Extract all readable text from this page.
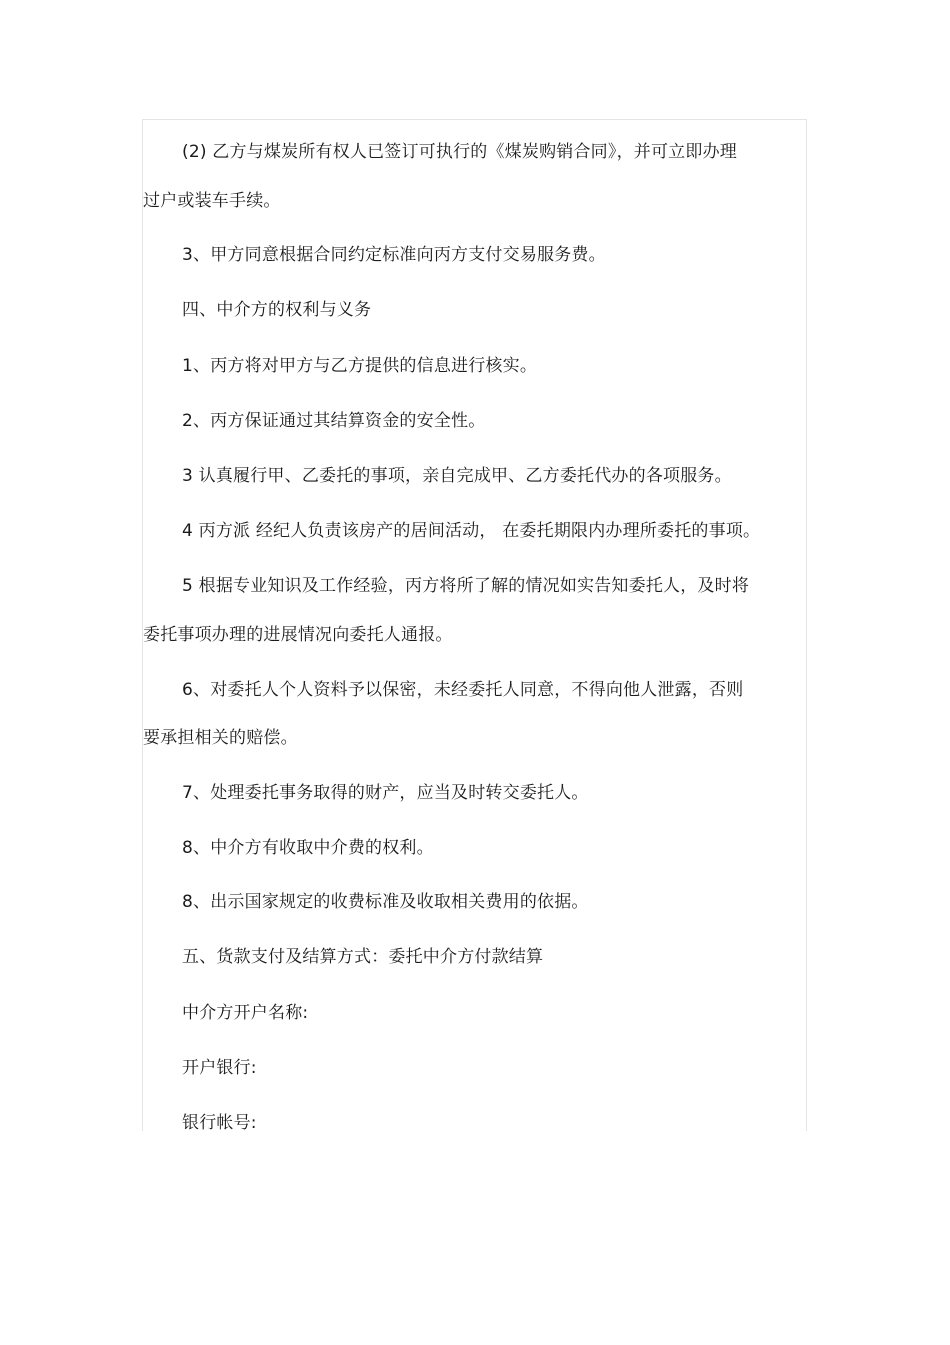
(2) 乙方与煤炭所有权人已签订可执行的《煤炭购销合同》，并可立即办理
过户或装车手续。
3、甲方同意根据合同约定标准向丙方支付交易服务费。
四、中介方的权利与义务
1、丙方将对甲方与乙方提供的信息进行核实。
2、丙方保证通过其结算资金的安全性。
3 认真履行甲、乙委托的事项，亲自完成甲、乙方委托代办的各项服务。
4 丙方派 经纪人负责该房产的居间活动， 在委托期限内办理所委托的事项。
5 根据专业知识及工作经验，丙方将所了解的情况如实告知委托人，及时将
委托事项办理的进展情况向委托人通报。
6、对委托人个人资料予以保密，未经委托人同意，不得向他人泄露，否则
要承担相关的赔偿。
7、处理委托事务取得的财产，应当及时转交委托人。
8、中介方有收取中介费的权利。
8、出示国家规定的收费标准及收取相关费用的依据。
五、货款支付及结算方式：委托中介方付款结算
中介方开户名称:
开户银行:
银行帐号:
